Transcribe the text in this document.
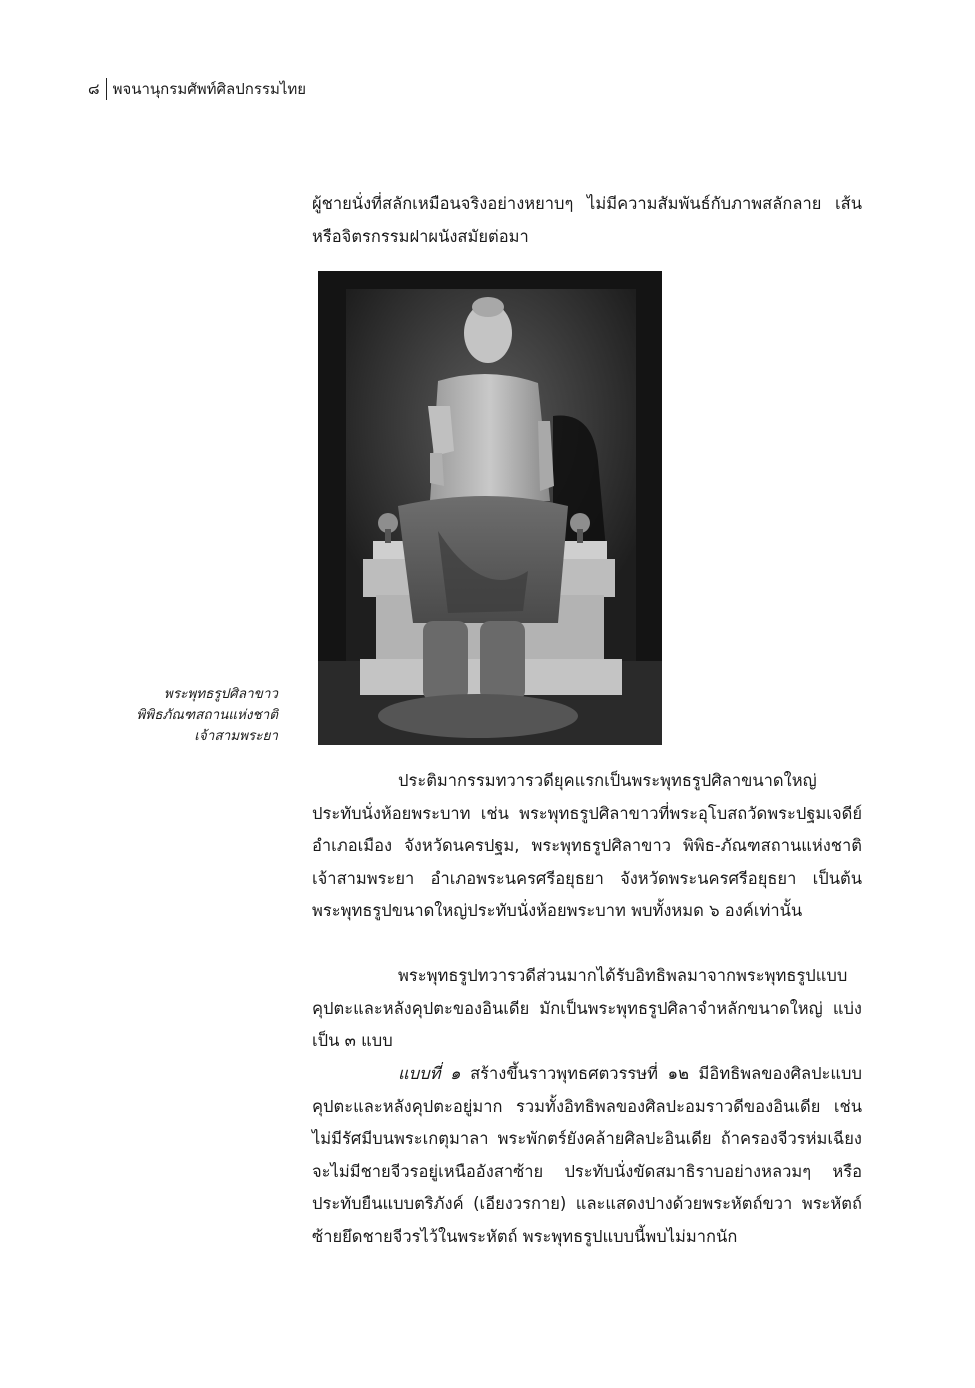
๘ พจนานุกรมศัพท์ศิลปกรรมไทย

ผู้ชายนั่งที่สลักเหมือนจริงอย่างหยาบๆ ไม่มีความสัมพันธ์กับภาพสลักลาย เส้นหรือจิตรกรรมฝาผนังสมัยต่อมา

พระพุทธรูปศิลาขาว
พิพิธภัณฑสถานแห่งชาติ
เจ้าสามพระยา

ประติมากรรมทวารวดียุคแรกเป็นพระพุทธรูปศิลาขนาดใหญ่ประทับนั่งห้อยพระบาท เช่น พระพุทธรูปศิลาขาวที่พระอุโบสถวัดพระปฐมเจดีย์ อำเภอเมือง จังหวัดนครปฐม, พระพุทธรูปศิลาขาว พิพิธ-ภัณฑสถานแห่งชาติ เจ้าสามพระยา อำเภอพระนครศรีอยุธยา จังหวัดพระนครศรีอยุธยา เป็นต้น พระพุทธรูปขนาดใหญ่ประทับนั่งห้อยพระบาท พบทั้งหมด ๖ องค์เท่านั้น

พระพุทธรูปทวารวดีส่วนมากได้รับอิทธิพลมาจากพระพุทธรูปแบบคุปตะและหลังคุปตะของอินเดีย มักเป็นพระพุทธรูปศิลาจำหลักขนาดใหญ่ แบ่งเป็น ๓ แบบ

แบบที่ ๑ สร้างขึ้นราวพุทธศตวรรษที่ ๑๒ มีอิทธิพลของศิลปะแบบคุปตะและหลังคุปตะอยู่มาก รวมทั้งอิทธิพลของศิลปะอมราวดีของอินเดีย เช่น ไม่มีรัศมีบนพระเกตุมาลา พระพักตร์ยังคล้ายศิลปะอินเดีย ถ้าครองจีวรห่มเฉียงจะไม่มีชายจีวรอยู่เหนืออังสาซ้าย ประทับนั่งขัดสมาธิราบอย่างหลวมๆ หรือประทับยืนแบบตริภังค์ (เอียงวรกาย) และแสดงปางด้วยพระหัตถ์ขวา พระหัตถ์ซ้ายยึดชายจีวรไว้ในพระหัตถ์ พระพุทธรูปแบบนี้พบไม่มากนัก
